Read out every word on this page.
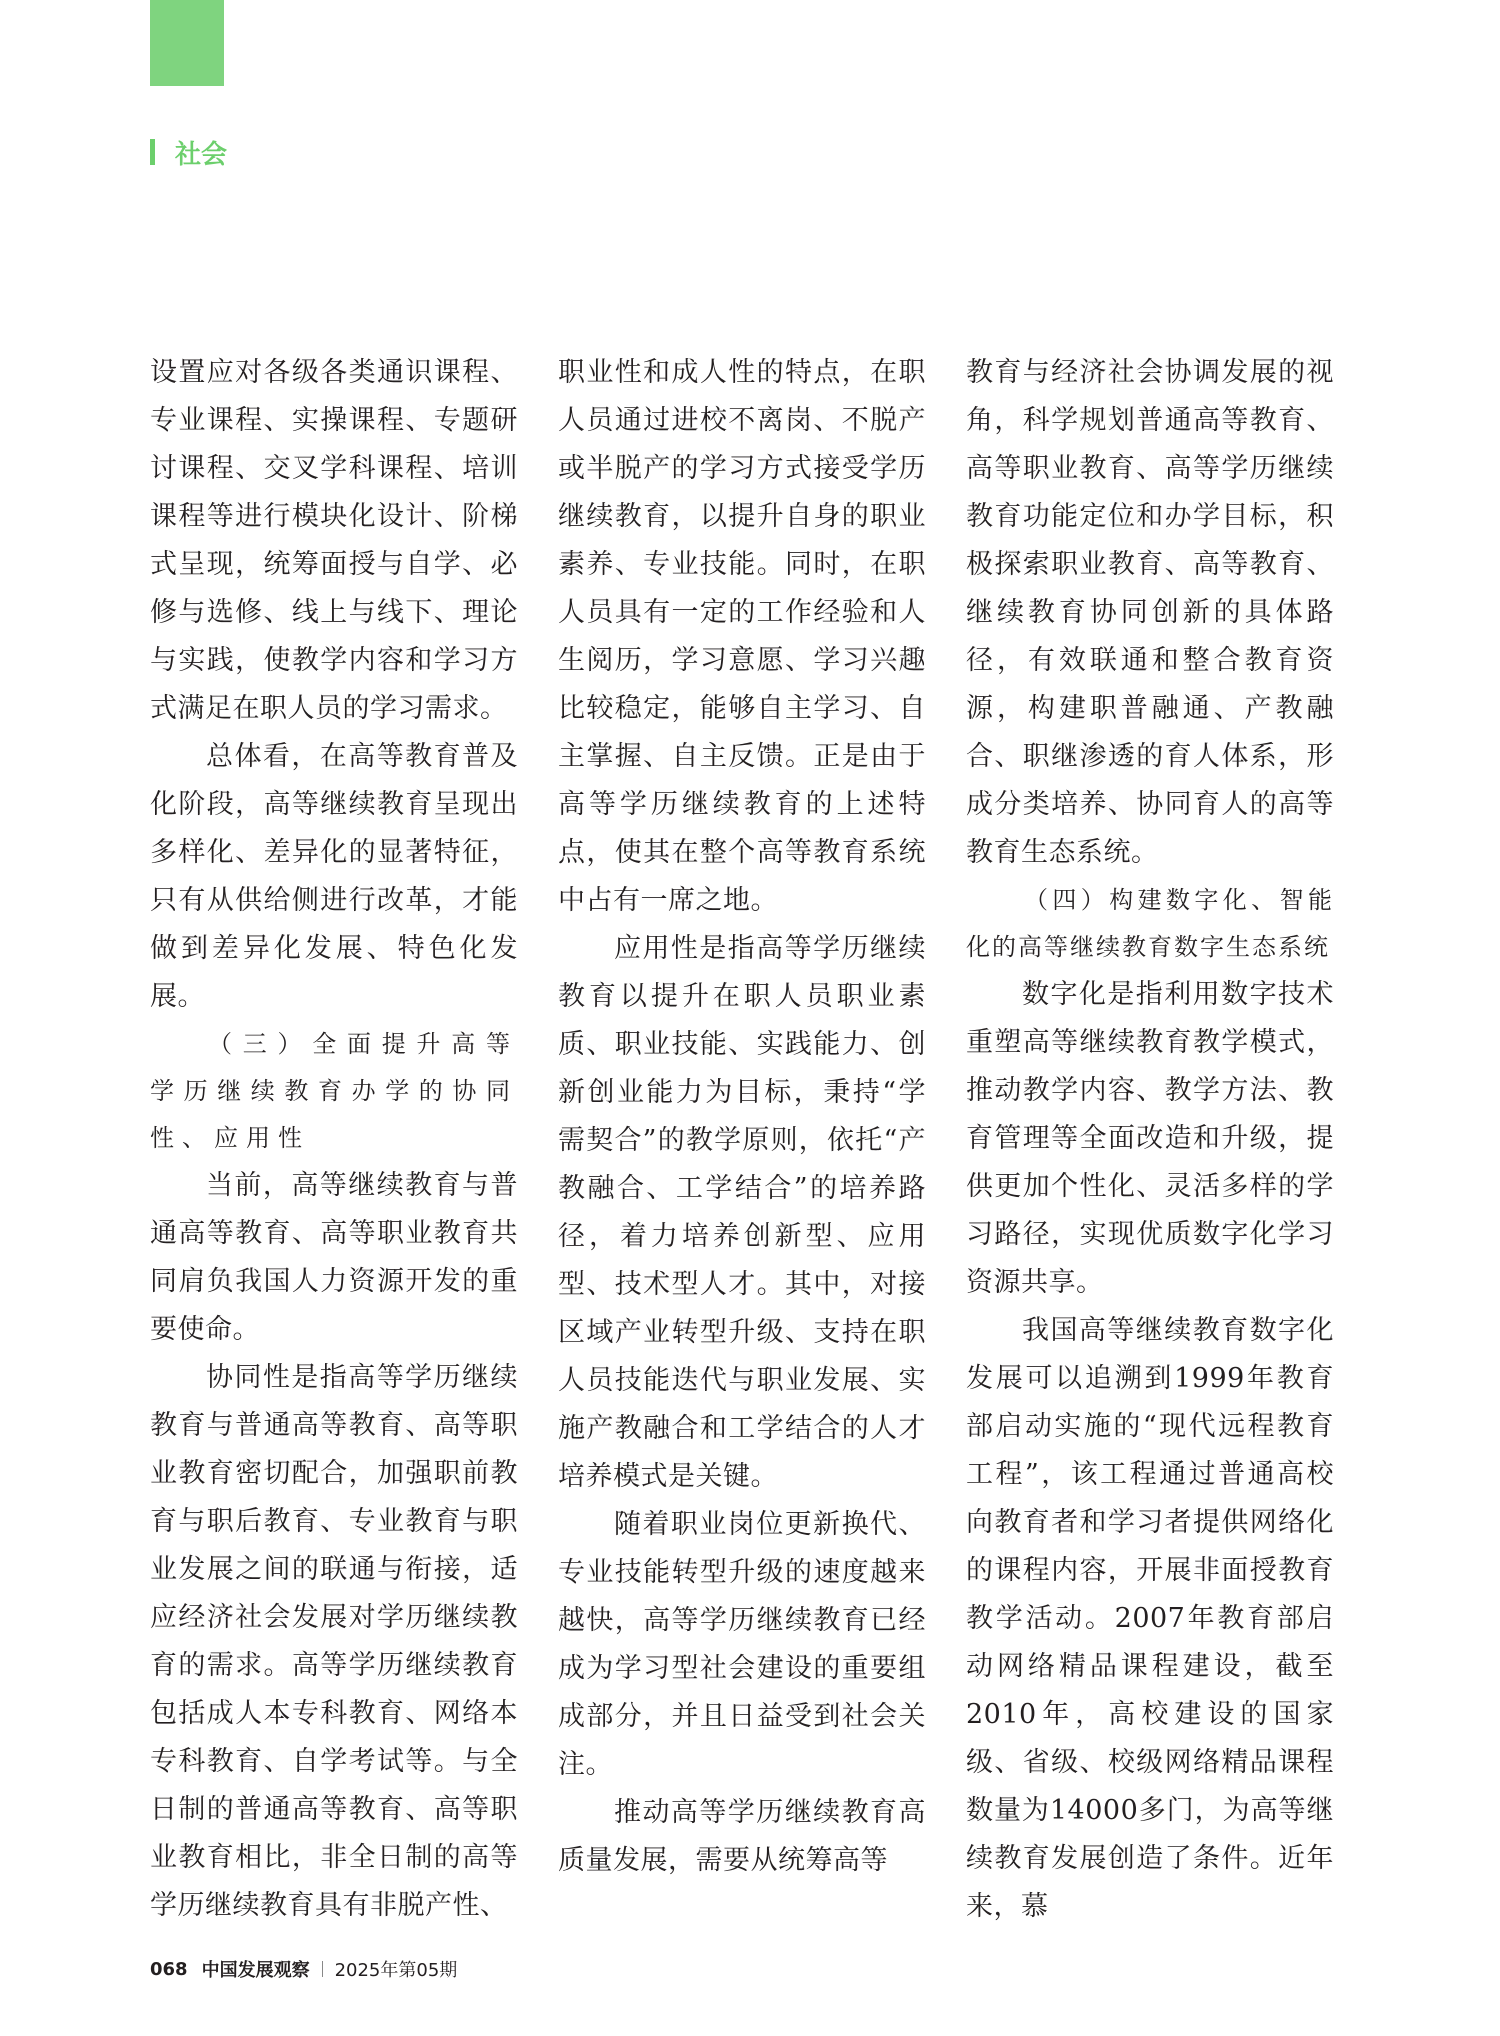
社会

设置应对各级各类通识课程、专业课程、实操课程、专题研讨课程、交叉学科课程、培训课程等进行模块化设计、阶梯式呈现，统筹面授与自学、必修与选修、线上与线下、理论与实践，使教学内容和学习方式满足在职人员的学习需求。

总体看，在高等教育普及化阶段，高等继续教育呈现出多样化、差异化的显著特征，只有从供给侧进行改革，才能做到差异化发展、特色化发展。

（三）全面提升高等学历继续教育办学的协同性、应用性

当前，高等继续教育与普通高等教育、高等职业教育共同肩负我国人力资源开发的重要使命。

协同性是指高等学历继续教育与普通高等教育、高等职业教育密切配合，加强职前教育与职后教育、专业教育与职业发展之间的联通与衔接，适应经济社会发展对学历继续教育的需求。高等学历继续教育包括成人本专科教育、网络本专科教育、自学考试等。与全日制的普通高等教育、高等职业教育相比，非全日制的高等学历继续教育具有非脱产性、

职业性和成人性的特点，在职人员通过进校不离岗、不脱产或半脱产的学习方式接受学历继续教育，以提升自身的职业素养、专业技能。同时，在职人员具有一定的工作经验和人生阅历，学习意愿、学习兴趣比较稳定，能够自主学习、自主掌握、自主反馈。正是由于高等学历继续教育的上述特点，使其在整个高等教育系统中占有一席之地。

应用性是指高等学历继续教育以提升在职人员职业素质、职业技能、实践能力、创新创业能力为目标，秉持“学需契合”的教学原则，依托“产教融合、工学结合”的培养路径，着力培养创新型、应用型、技术型人才。其中，对接区域产业转型升级、支持在职人员技能迭代与职业发展、实施产教融合和工学结合的人才培养模式是关键。

随着职业岗位更新换代、专业技能转型升级的速度越来越快，高等学历继续教育已经成为学习型社会建设的重要组成部分，并且日益受到社会关注。

推动高等学历继续教育高质量发展，需要从统筹高等

教育与经济社会协调发展的视角，科学规划普通高等教育、高等职业教育、高等学历继续教育功能定位和办学目标，积极探索职业教育、高等教育、继续教育协同创新的具体路径，有效联通和整合教育资源，构建职普融通、产教融合、职继渗透的育人体系，形成分类培养、协同育人的高等教育生态系统。

（四）构建数字化、智能化的高等继续教育数字生态系统

数字化是指利用数字技术重塑高等继续教育教学模式，推动教学内容、教学方法、教育管理等全面改造和升级，提供更加个性化、灵活多样的学习路径，实现优质数字化学习资源共享。

我国高等继续教育数字化发展可以追溯到1999年教育部启动实施的“现代远程教育工程”，该工程通过普通高校向教育者和学习者提供网络化的课程内容，开展非面授教育教学活动。2007年教育部启动网络精品课程建设，截至2010年，高校建设的国家级、省级、校级网络精品课程数量为14000多门，为高等继续教育发展创造了条件。近年来，慕

068 中国发展观察 2025年第05期
